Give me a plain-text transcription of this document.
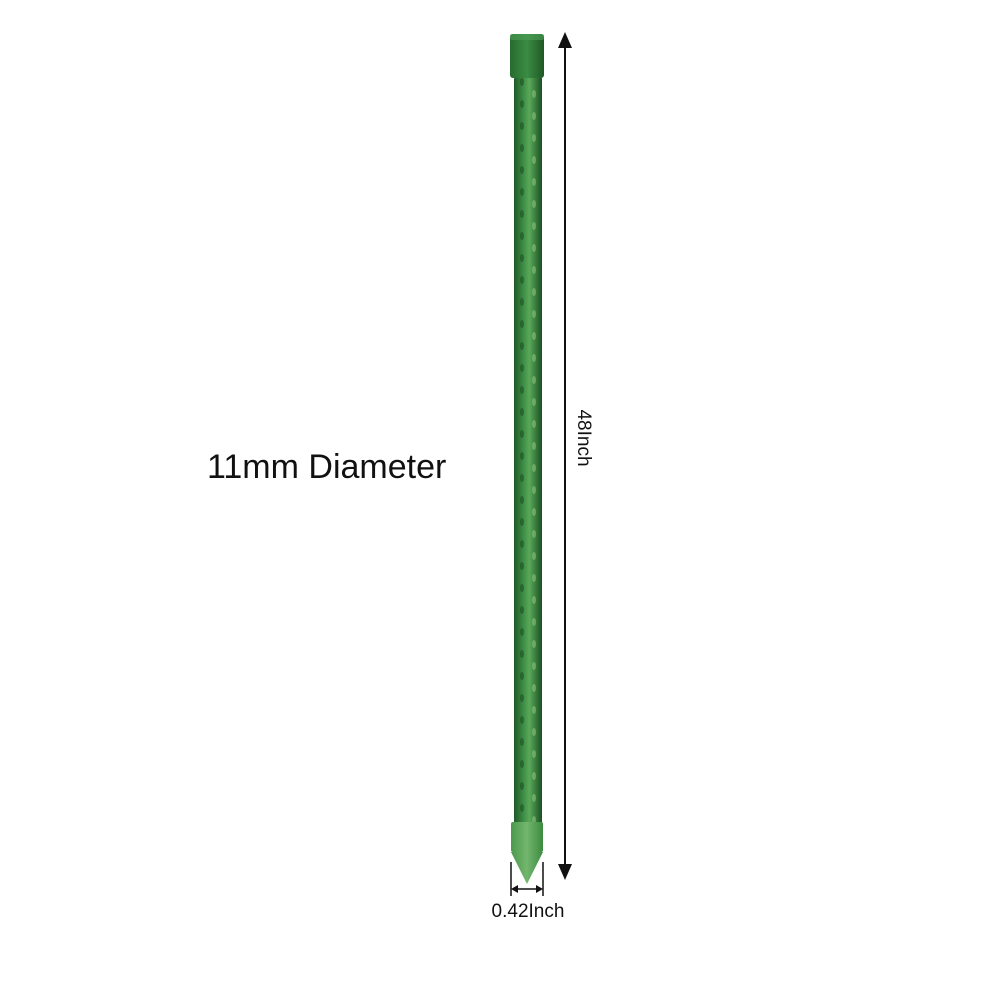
11mm Diameter
48Inch
0.42Inch
